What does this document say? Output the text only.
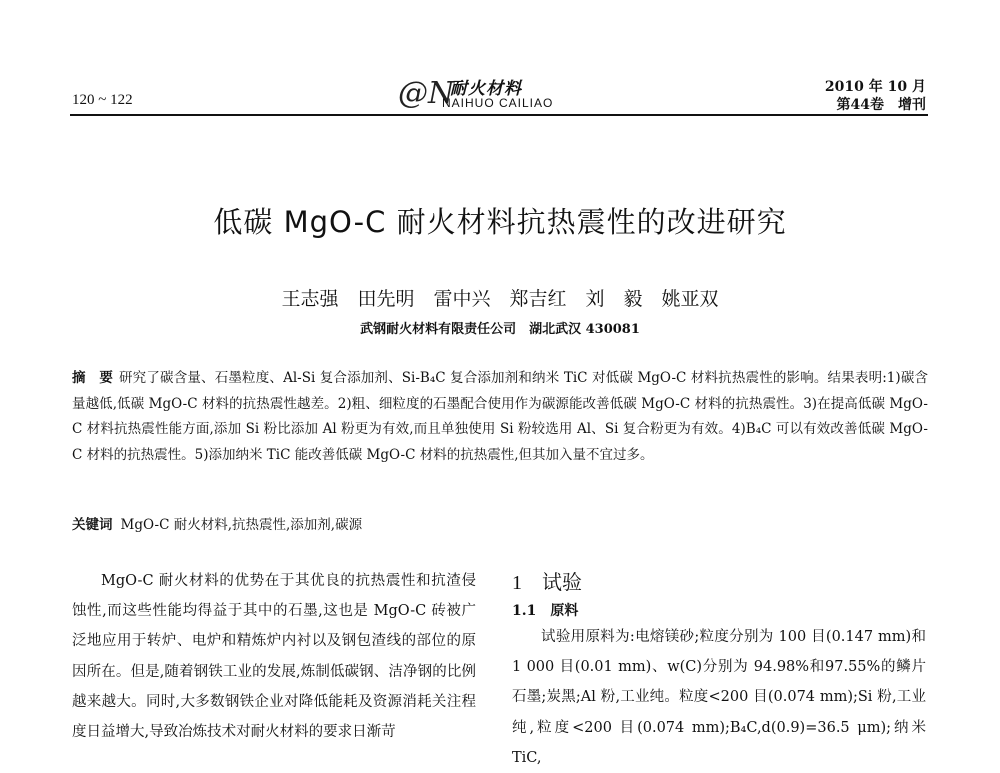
120 ~ 122	@N
耐火材料
NAIHUO CAILIAO
2010 年 10 月
第44卷　增刊
低碳 MgO-C 耐火材料抗热震性的改进研究
王志强　田先明　雷中兴　郑吉红　刘　毅　姚亚双
武钢耐火材料有限责任公司　湖北武汉 430081
摘　要 研究了碳含量、石墨粒度、Al-Si 复合添加剂、Si-B₄C 复合添加剂和纳米 TiC 对低碳 MgO-C 材料抗热震性的影响。结果表明:1)碳含量越低,低碳 MgO-C 材料的抗热震性越差。2)粗、细粒度的石墨配合使用作为碳源能改善低碳 MgO-C 材料的抗热震性。3)在提高低碳 MgO-C 材料抗热震性能方面,添加 Si 粉比添加 Al 粉更为有效,而且单独使用 Si 粉较选用 Al、Si 复合粉更为有效。4)B₄C 可以有效改善低碳 MgO-C 材料的抗热震性。5)添加纳米 TiC 能改善低碳 MgO-C 材料的抗热震性,但其加入量不宜过多。
关键词 MgO-C 耐火材料,抗热震性,添加剂,碳源
MgO-C 耐火材料的优势在于其优良的抗热震性和抗渣侵蚀性,而这些性能均得益于其中的石墨,这也是 MgO-C 砖被广泛地应用于转炉、电炉和精炼炉内衬以及钢包渣线的部位的原因所在。但是,随着钢铁工业的发展,炼制低碳钢、洁净钢的比例越来越大。同时,大多数钢铁企业对降低能耗及资源消耗关注程度日益增大,导致冶炼技术对耐火材料的要求日渐苛
1　试验
1.1　原料
试验用原料为:电熔镁砂;粒度分别为 100 目(0.147 mm)和 1 000 目(0.01 mm)、w(C)分别为 94.98%和97.55%的鳞片石墨;炭黑;Al 粉,工业纯。粒度<200 目(0.074 mm);Si 粉,工业纯,粒度<200 目(0.074 mm);B₄C,d(0.9)=36.5 μm);纳米 TiC,
